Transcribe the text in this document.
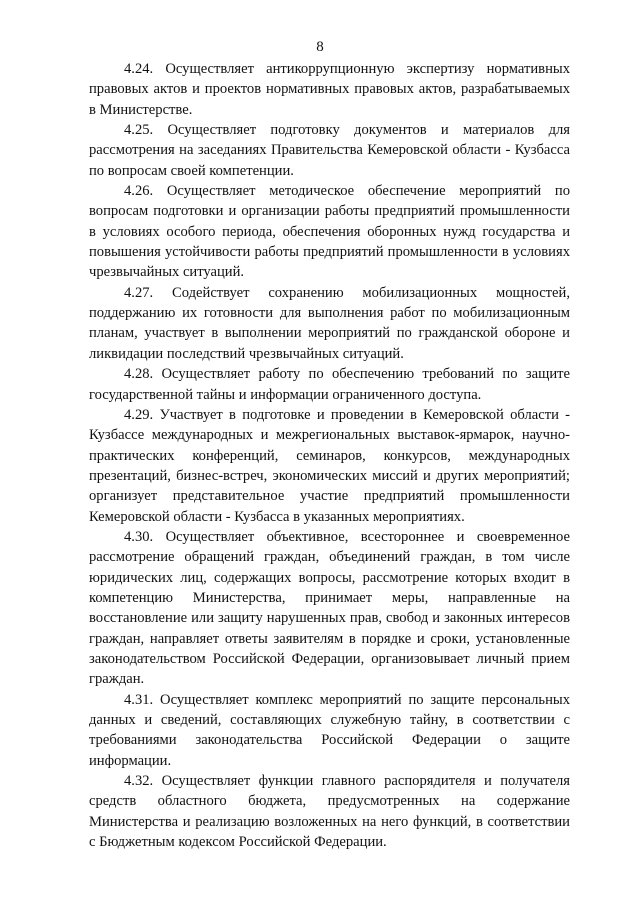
8

4.24. Осуществляет антикоррупционную экспертизу нормативных правовых актов и проектов нормативных правовых актов, разрабатываемых в Министерстве.

4.25. Осуществляет подготовку документов и материалов для рассмотрения на заседаниях Правительства Кемеровской области - Кузбасса по вопросам своей компетенции.

4.26. Осуществляет методическое обеспечение мероприятий по вопросам подготовки и организации работы предприятий промышленности в условиях особого периода, обеспечения оборонных нужд государства и повышения устойчивости работы предприятий промышленности в условиях чрезвычайных ситуаций.

4.27. Содействует сохранению мобилизационных мощностей, поддержанию их готовности для выполнения работ по мобилизационным планам, участвует в выполнении мероприятий по гражданской обороне и ликвидации последствий чрезвычайных ситуаций.

4.28. Осуществляет работу по обеспечению требований по защите государственной тайны и информации ограниченного доступа.

4.29. Участвует в подготовке и проведении в Кемеровской области - Кузбассе международных и межрегиональных выставок-ярмарок, научно-практических конференций, семинаров, конкурсов, международных презентаций, бизнес-встреч, экономических миссий и других мероприятий; организует представительное участие предприятий промышленности Кемеровской области - Кузбасса в указанных мероприятиях.

4.30. Осуществляет объективное, всестороннее и своевременное рассмотрение обращений граждан, объединений граждан, в том числе юридических лиц, содержащих вопросы, рассмотрение которых входит в компетенцию Министерства, принимает меры, направленные на восстановление или защиту нарушенных прав, свобод и законных интересов граждан, направляет ответы заявителям в порядке и сроки, установленные законодательством Российской Федерации, организовывает личный прием граждан.

4.31. Осуществляет комплекс мероприятий по защите персональных данных и сведений, составляющих служебную тайну, в соответствии с требованиями законодательства Российской Федерации о защите информации.

4.32. Осуществляет функции главного распорядителя и получателя средств областного бюджета, предусмотренных на содержание Министерства и реализацию возложенных на него функций, в соответствии с Бюджетным кодексом Российской Федерации.
